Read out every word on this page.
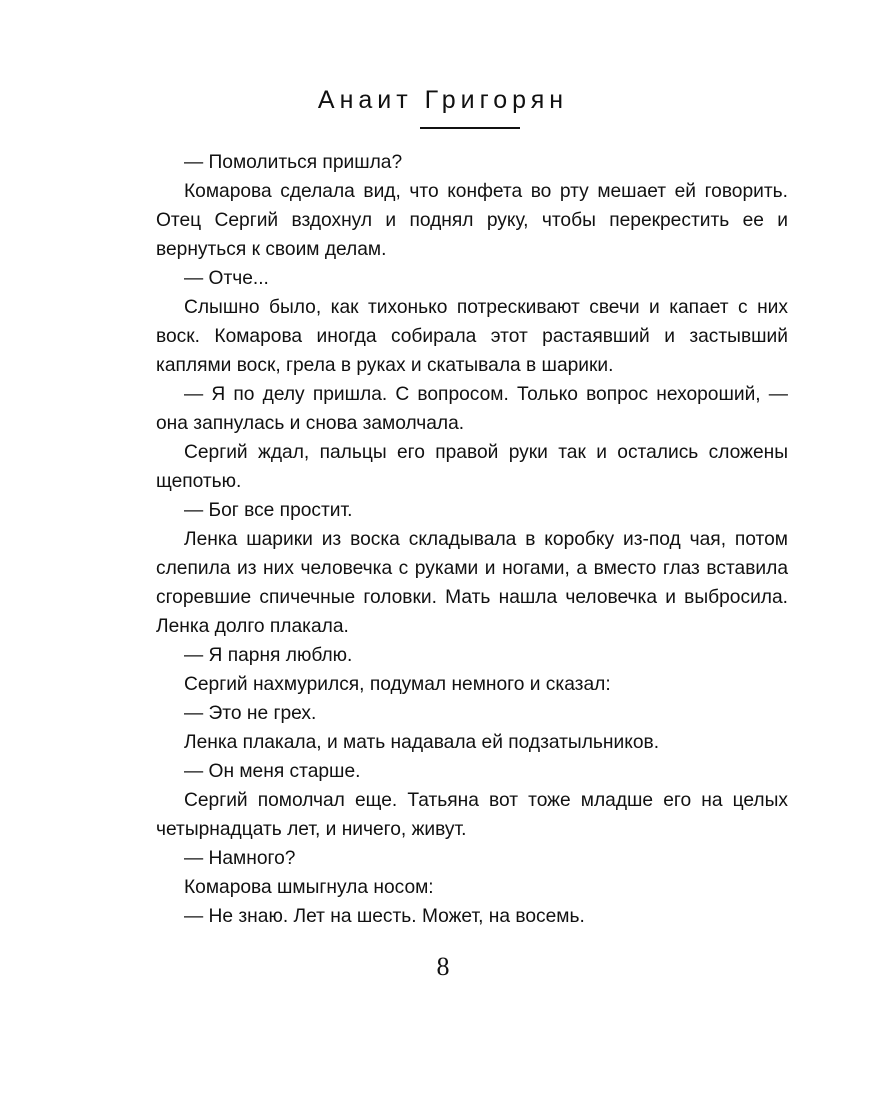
Анаит Григорян

— Помолиться пришла?

Комарова сделала вид, что конфета во рту мешает ей говорить. Отец Сергий вздохнул и поднял руку, чтобы перекрестить ее и вернуться к своим делам.

— Отче...

Слышно было, как тихонько потрескивают свечи и капает с них воск. Комарова иногда собирала этот растаявший и застывший каплями воск, грела в руках и скатывала в шарики.

— Я по делу пришла. С вопросом. Только вопрос нехороший, — она запнулась и снова замолчала.

Сергий ждал, пальцы его правой руки так и остались сложены щепотью.

— Бог все простит.

Ленка шарики из воска складывала в коробку из-под чая, потом слепила из них человечка с руками и ногами, а вместо глаз вставила сгоревшие спичечные головки. Мать нашла человечка и выбросила. Ленка долго плакала.

— Я парня люблю.

Сергий нахмурился, подумал немного и сказал:

— Это не грех.

Ленка плакала, и мать надавала ей подзатыльников.

— Он меня старше.

Сергий помолчал еще. Татьяна вот тоже младше его на целых четырнадцать лет, и ничего, живут.

— Намного?

Комарова шмыгнула носом:

— Не знаю. Лет на шесть. Может, на восемь.

8
